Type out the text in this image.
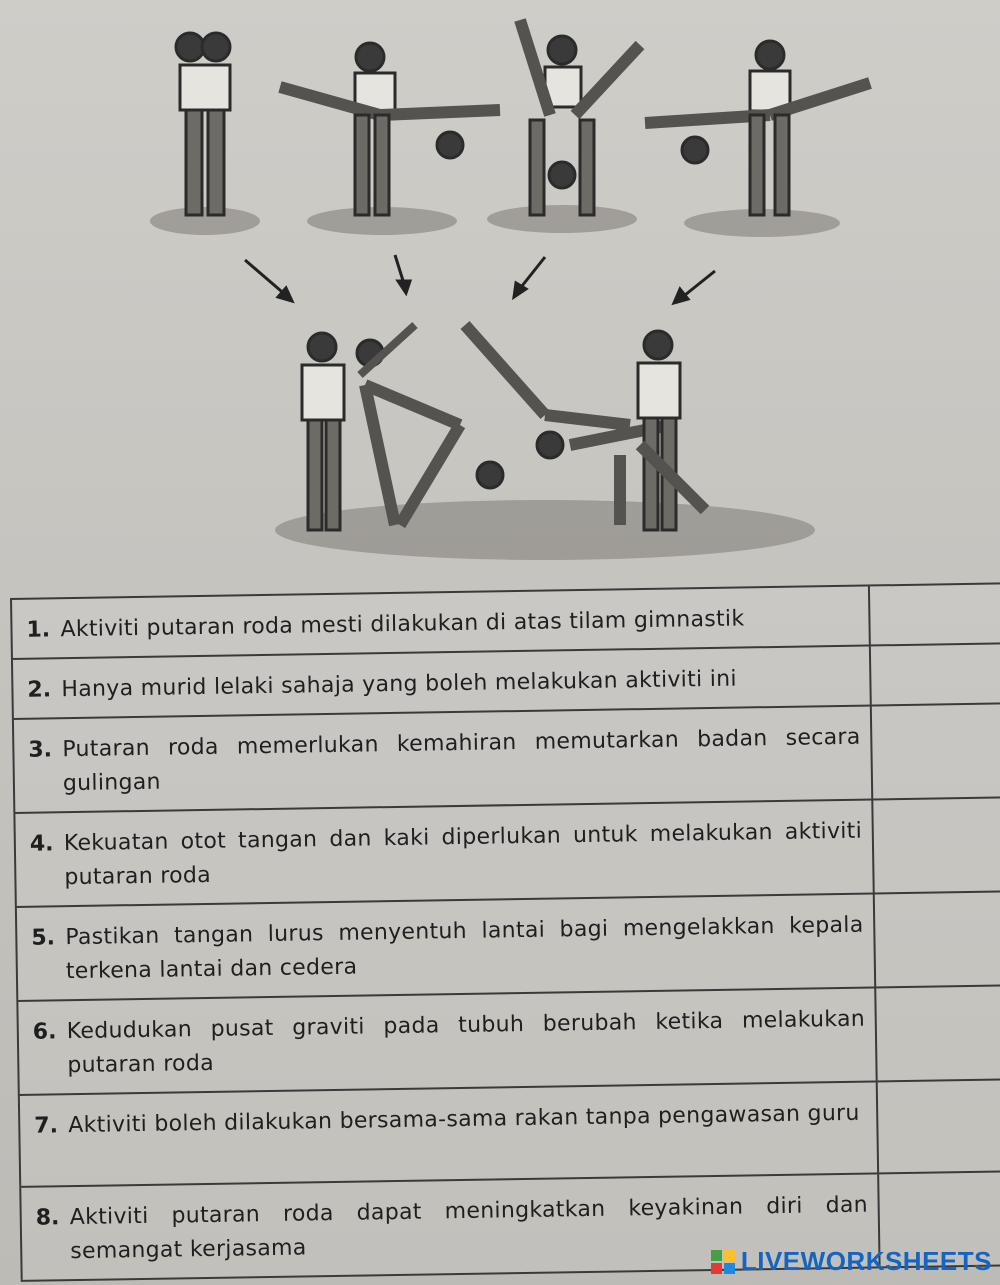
1. Aktiviti putaran roda mesti dilakukan di atas tilam gimnastik
2. Hanya murid lelaki sahaja yang boleh melakukan aktiviti ini
3. Putaran roda memerlukan kemahiran memutarkan badan secara gulingan
4. Kekuatan otot tangan dan kaki diperlukan untuk melakukan aktiviti putaran roda
5. Pastikan tangan lurus menyentuh lantai bagi mengelakkan kepala terkena lantai dan cedera
6. Kedudukan pusat graviti pada tubuh berubah ketika melakukan putaran roda
7. Aktiviti boleh dilakukan bersama-sama rakan tanpa pengawasan guru
8. Aktiviti putaran roda dapat meningkatkan keyakinan diri dan semangat kerjasama	LIVEWORKSHEETS
